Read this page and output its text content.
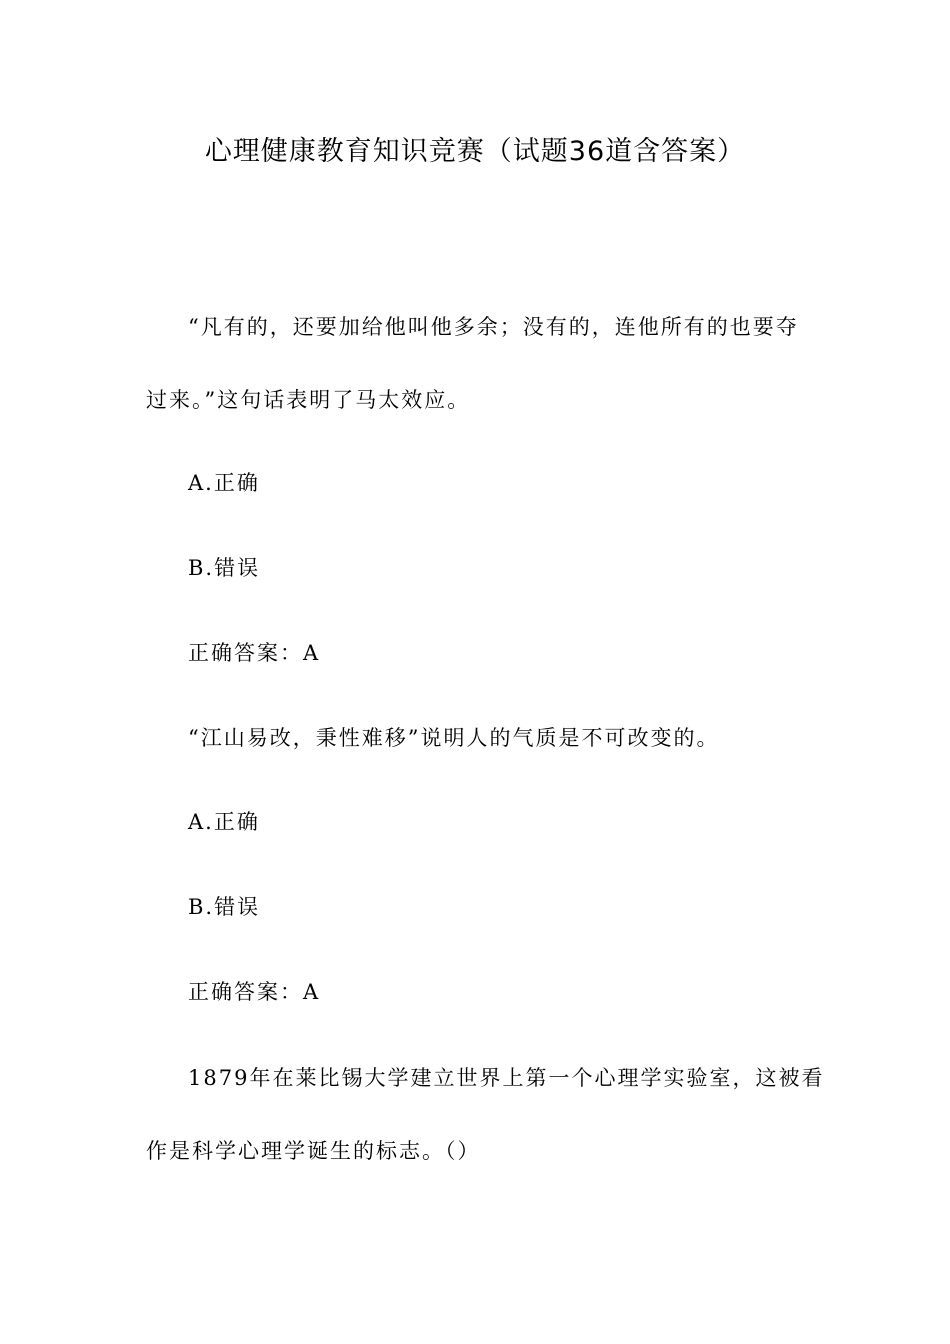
心理健康教育知识竞赛（试题36道含答案）
“凡有的，还要加给他叫他多余；没有的，连他所有的也要夺
过来。”这句话表明了马太效应。
A.正确
B.错误
正确答案：A
“江山易改，秉性难移”说明人的气质是不可改变的。
A.正确
B.错误
正确答案：A
1879年在莱比锡大学建立世界上第一个心理学实验室，这被看
作是科学心理学诞生的标志。（）
